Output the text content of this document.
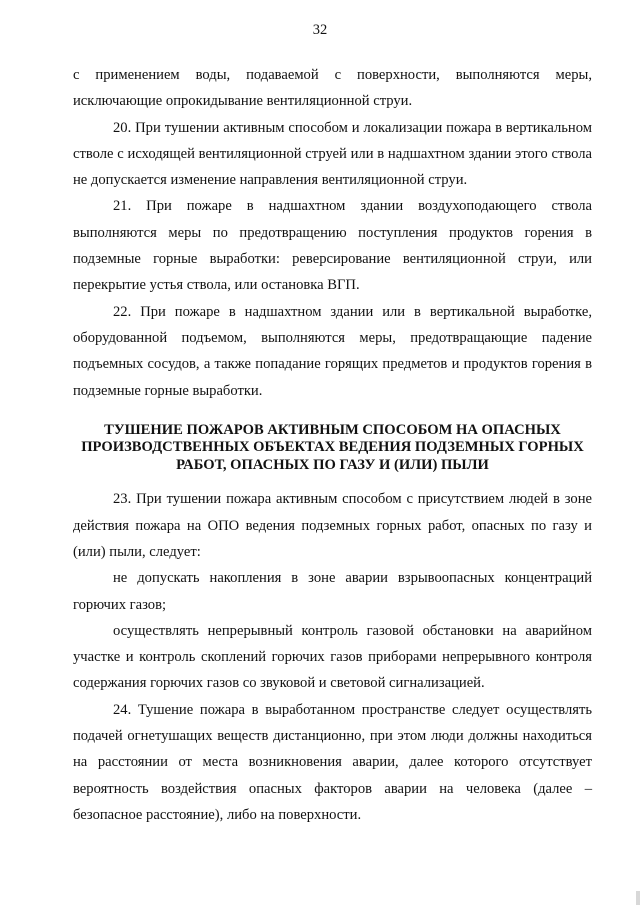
32

с применением воды, подаваемой с поверхности, выполняются меры, исключающие опрокидывание вентиляционной струи.

20. При тушении активным способом и локализации пожара в вертикальном стволе с исходящей вентиляционной струей или в надшахтном здании этого ствола не допускается изменение направления вентиляционной струи.

21. При пожаре в надшахтном здании воздухоподающего ствола выполняются меры по предотвращению поступления продуктов горения в подземные горные выработки: реверсирование вентиляционной струи, или перекрытие устья ствола, или остановка ВГП.

22. При пожаре в надшахтном здании или в вертикальной выработке, оборудованной подъемом, выполняются меры, предотвращающие падение подъемных сосудов, а также попадание горящих предметов и продуктов горения в подземные горные выработки.

ТУШЕНИЕ ПОЖАРОВ АКТИВНЫМ СПОСОБОМ НА ОПАСНЫХ
ПРОИЗВОДСТВЕННЫХ ОБЪЕКТАХ ВЕДЕНИЯ ПОДЗЕМНЫХ ГОРНЫХ
РАБОТ, ОПАСНЫХ ПО ГАЗУ И (ИЛИ) ПЫЛИ

23. При тушении пожара активным способом с присутствием людей в зоне действия пожара на ОПО ведения подземных горных работ, опасных по газу и (или) пыли, следует:

не допускать накопления в зоне аварии взрывоопасных концентраций горючих газов;

осуществлять непрерывный контроль газовой обстановки на аварийном участке и контроль скоплений горючих газов приборами непрерывного контроля содержания горючих газов со звуковой и световой сигнализацией.

24. Тушение пожара в выработанном пространстве следует осуществлять подачей огнетушащих веществ дистанционно, при этом люди должны находиться на расстоянии от места возникновения аварии, далее которого отсутствует вероятность воздействия опасных факторов аварии на человека (далее – безопасное расстояние), либо на поверхности.
